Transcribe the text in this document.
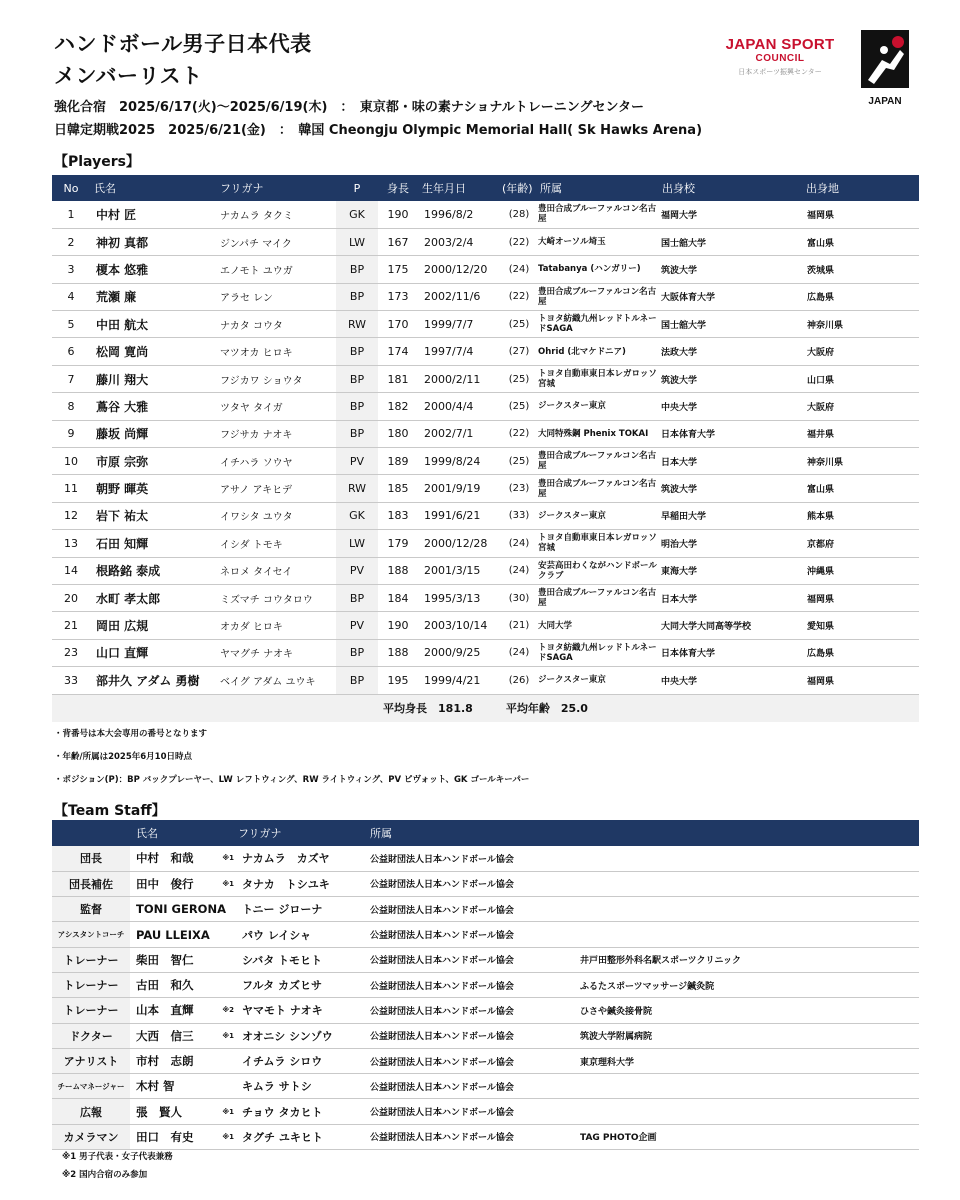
ハンドボール男子日本代表
メンバーリスト
JAPAN SPORT
COUNCIL
日本スポーツ振興センター
JAPAN
強化合宿　2025/6/17(火)～2025/6/19(木)　：　東京都・味の素ナショナルトレーニングセンター
日韓定期戦2025　2025/6/21(金)　：　韓国 Cheongju Olympic Memorial Hall( Sk Hawks Arena)
【Players】
No	氏名	フリガナ	P	身長	生年月日	(年齢)	所属	出身校	出身地
1	中村 匠	ナカムラ タクミ	GK	190	1996/8/2	(28)	豊田合成ブルーファルコン名古屋	福岡大学	福岡県
2	神初 真都	ジンパチ マイク	LW	167	2003/2/4	(22)	大崎オーソル埼玉	国士舘大学	富山県
3	榎本 悠雅	エノモト ユウガ	BP	175	2000/12/20	(24)	Tatabanya (ハンガリー)	筑波大学	茨城県
4	荒瀬 廉	アラセ レン	BP	173	2002/11/6	(22)	豊田合成ブルーファルコン名古屋	大阪体育大学	広島県
5	中田 航太	ナカタ コウタ	RW	170	1999/7/7	(25)	トヨタ紡織九州レッドトルネードSAGA	国士舘大学	神奈川県
6	松岡 寛尚	マツオカ ヒロキ	BP	174	1997/7/4	(27)	Ohrid (北マケドニア)	法政大学	大阪府
7	藤川 翔大	フジカワ ショウタ	BP	181	2000/2/11	(25)	トヨタ自動車東日本レガロッソ宮城	筑波大学	山口県
8	蔦谷 大雅	ツタヤ タイガ	BP	182	2000/4/4	(25)	ジークスター東京	中央大学	大阪府
9	藤坂 尚輝	フジサカ ナオキ	BP	180	2002/7/1	(22)	大同特殊鋼 Phenix TOKAI	日本体育大学	福井県
10	市原 宗弥	イチハラ ソウヤ	PV	189	1999/8/24	(25)	豊田合成ブルーファルコン名古屋	日本大学	神奈川県
11	朝野 暉英	アサノ アキヒデ	RW	185	2001/9/19	(23)	豊田合成ブルーファルコン名古屋	筑波大学	富山県
12	岩下 祐太	イワシタ ユウタ	GK	183	1991/6/21	(33)	ジークスター東京	早稲田大学	熊本県
13	石田 知輝	イシダ トモキ	LW	179	2000/12/28	(24)	トヨタ自動車東日本レガロッソ宮城	明治大学	京都府
14	根路銘 泰成	ネロメ タイセイ	PV	188	2001/3/15	(24)	安芸高田わくながハンドボールクラブ	東海大学	沖縄県
20	水町 孝太郎	ミズマチ コウタロウ	BP	184	1995/3/13	(30)	豊田合成ブルーファルコン名古屋	日本大学	福岡県
21	岡田 広規	オカダ ヒロキ	PV	190	2003/10/14	(21)	大同大学	大同大学大同高等学校	愛知県
23	山口 直輝	ヤマグチ ナオキ	BP	188	2000/9/25	(24)	トヨタ紡織九州レッドトルネードSAGA	日本体育大学	広島県
33	部井久 アダム 勇樹	ベイグ アダム ユウキ	BP	195	1999/4/21	(26)	ジークスター東京	中央大学	福岡県
平均身長　181.8　　　平均年齢　25.0									
・背番号は本大会専用の番号となります
・年齢/所属は2025年6月10日時点
・ポジション(P)：BP バックプレーヤー、LW レフトウィング、RW ライトウィング、PV ピヴォット、GK ゴールキーパー
【Team Staff】
	氏名		フリガナ	所属	
団長	中村　和哉	※1	ナカムラ　カズヤ	公益財団法人日本ハンドボール協会	
団長補佐	田中　俊行	※1	タナカ　トシユキ	公益財団法人日本ハンドボール協会	
監督	TONI GERONA		トニー ジローナ	公益財団法人日本ハンドボール協会	
アシスタントコーチ	PAU LLEIXA		パウ レイシャ	公益財団法人日本ハンドボール協会	
トレーナー	柴田　智仁		シバタ トモヒト	公益財団法人日本ハンドボール協会	井戸田整形外科名駅スポーツクリニック
トレーナー	古田　和久		フルタ カズヒサ	公益財団法人日本ハンドボール協会	ふるたスポーツマッサージ鍼灸院
トレーナー	山本　直輝	※2	ヤマモト ナオキ	公益財団法人日本ハンドボール協会	ひさや鍼灸接骨院
ドクター	大西　信三	※1	オオニシ シンゾウ	公益財団法人日本ハンドボール協会	筑波大学附属病院
アナリスト	市村　志朗		イチムラ シロウ	公益財団法人日本ハンドボール協会	東京理科大学
チームマネージャー	木村 智		キムラ サトシ	公益財団法人日本ハンドボール協会	
広報	張　賢人	※1	チョウ タカヒト	公益財団法人日本ハンドボール協会	
カメラマン	田口　有史	※1	タグチ ユキヒト	公益財団法人日本ハンドボール協会	TAG PHOTO企画
※1 男子代表・女子代表兼務
※2 国内合宿のみ参加
